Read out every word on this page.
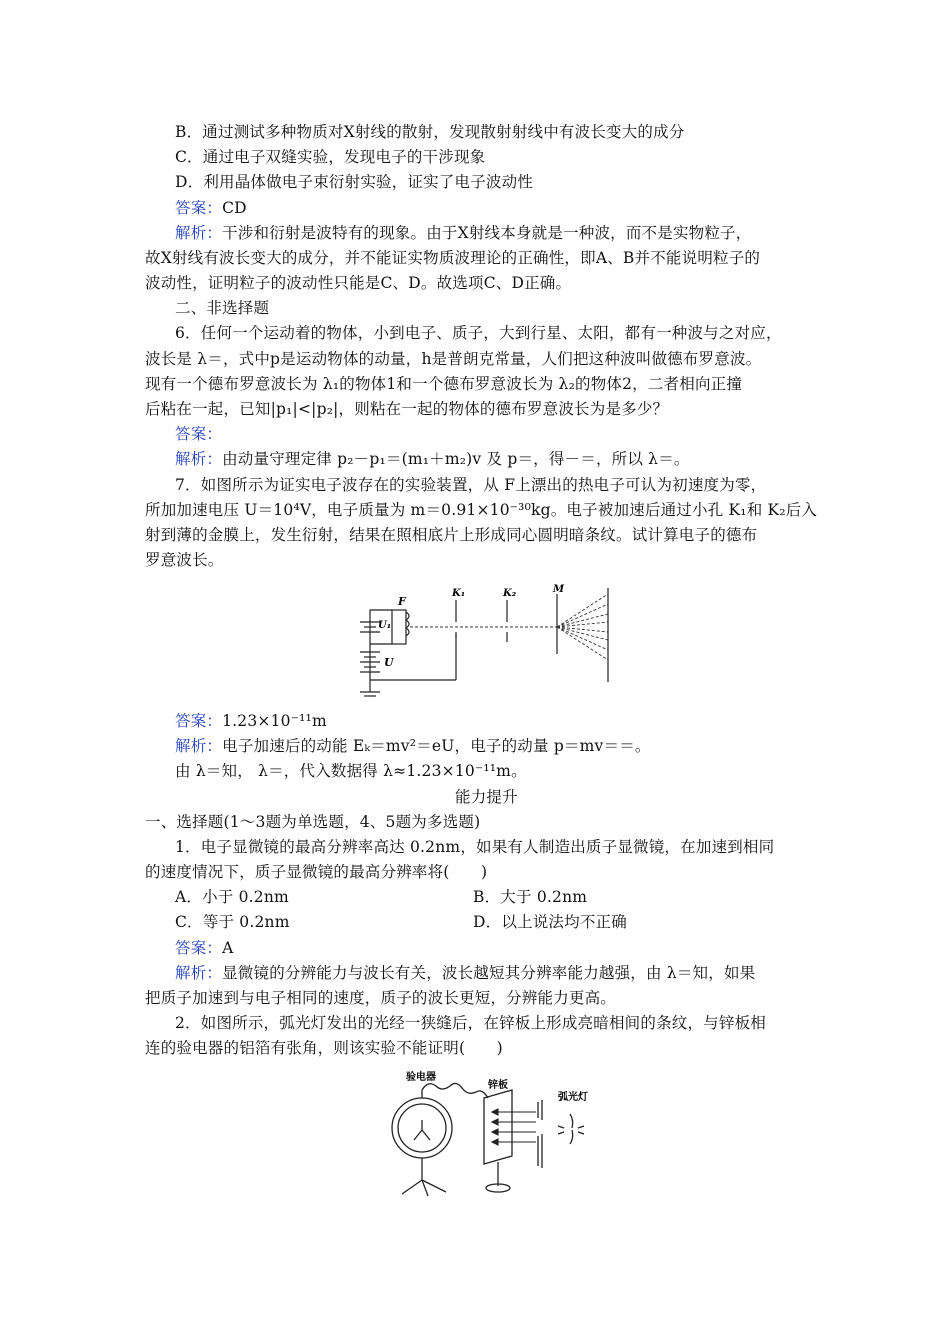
B．通过测试多种物质对X射线的散射，发现散射射线中有波长变大的成分
C．通过电子双缝实验，发现电子的干涉现象
D．利用晶体做电子束衍射实验，证实了电子波动性
答案：CD
解析：干涉和衍射是波特有的现象。由于X射线本身就是一种波，而不是实物粒子，
故X射线有波长变大的成分，并不能证实物质波理论的正确性，即A、B并不能说明粒子的
波动性，证明粒子的波动性只能是C、D。故选项C、D正确。
二、非选择题
6．任何一个运动着的物体，小到电子、质子，大到行星、太阳，都有一种波与之对应，
波长是 λ＝，式中p是运动物体的动量，h是普朗克常量，人们把这种波叫做德布罗意波。
现有一个德布罗意波长为 λ₁的物体1和一个德布罗意波长为 λ₂的物体2，二者相向正撞
后粘在一起，已知|p₁|<|p₂|，则粘在一起的物体的德布罗意波长为是多少？
答案：
解析：由动量守理定律 p₂－p₁＝(m₁＋m₂)v 及 p＝，得－＝，所以 λ＝。
7．如图所示为证实电子波存在的实验装置，从 F上漂出的热电子可认为初速度为零，
所加加速电压 U＝10⁴V，电子质量为 m＝0.91×10⁻³⁰kg。电子被加速后通过小孔 K₁和 K₂后入
射到薄的金膜上，发生衍射，结果在照相底片上形成同心圆明暗条纹。试计算电子的德布
罗意波长。
F
K₁	K₂	M
U₁
U
答案：1.23×10⁻¹¹m
解析：电子加速后的动能 Eₖ＝mv²＝eU，电子的动量 p＝mv＝＝。
由 λ＝知， λ＝，代入数据得 λ≈1.23×10⁻¹¹m。
能力提升
一、选择题(1～3题为单选题，4、5题为多选题)
1．电子显微镜的最高分辨率高达 0.2nm，如果有人制造出质子显微镜，在加速到相同
的速度情况下，质子显微镜的最高分辨率将(　　)
A．小于 0.2nm	B．大于 0.2nm
C．等于 0.2nm	D．以上说法均不正确
答案：A
解析：显微镜的分辨能力与波长有关，波长越短其分辨率能力越强，由 λ＝知，如果
把质子加速到与电子相同的速度，质子的波长更短，分辨能力更高。
2．如图所示，弧光灯发出的光经一狭缝后，在锌板上形成亮暗相间的条纹，与锌板相
连的验电器的铝箔有张角，则该实验不能证明(　　)
验电器
锌板
弧光灯
